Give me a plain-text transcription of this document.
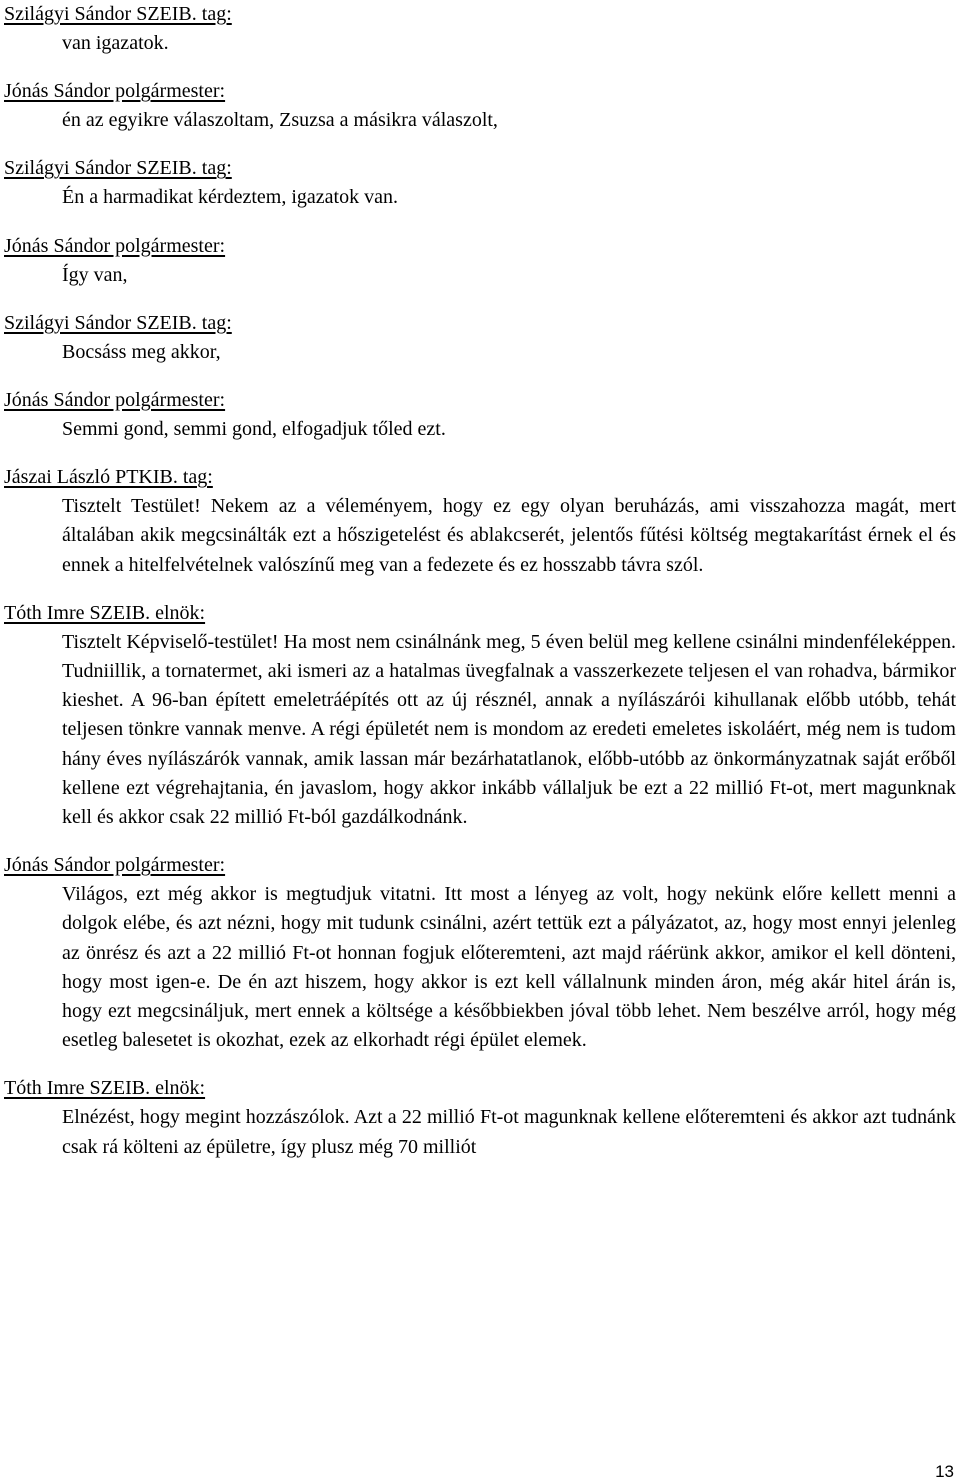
Szilágyi Sándor SZEIB. tag:
van igazatok.
Jónás Sándor polgármester:
én az egyikre válaszoltam, Zsuzsa a másikra válaszolt,
Szilágyi Sándor SZEIB. tag:
Én a harmadikat kérdeztem, igazatok van.
Jónás Sándor polgármester:
Így van,
Szilágyi Sándor SZEIB. tag:
Bocsáss meg akkor,
Jónás Sándor polgármester:
Semmi gond, semmi gond, elfogadjuk tőled ezt.
Jászai László PTKIB. tag:
Tisztelt Testület! Nekem az a véleményem, hogy ez egy olyan beruházás, ami visszahozza magát, mert általában akik megcsinálták ezt a hőszigetelést és ablakcserét, jelentős fűtési költség megtakarítást érnek el és ennek a hitelfelvételnek valószínű meg van a fedezete és ez hosszabb távra szól.
Tóth Imre SZEIB. elnök:
Tisztelt Képviselő-testület! Ha most nem csinálnánk meg, 5 éven belül meg kellene csinálni mindenféleképpen. Tudniillik, a tornatermet, aki ismeri az a hatalmas üvegfalnak a vasszerkezete teljesen el van rohadva, bármikor kieshet. A 96-ban épített emeletráépítés ott az új résznél, annak a nyílászárói kihullanak előbb utóbb, tehát teljesen tönkre vannak menve. A régi épületét nem is mondom az eredeti emeletes iskoláért, még nem is tudom hány éves nyílászárók vannak, amik lassan már bezárhatatlanok, előbb-utóbb az önkormányzatnak saját erőből kellene ezt végrehajtania, én javaslom, hogy akkor inkább vállaljuk be ezt a 22 millió Ft-ot, mert magunknak kell és akkor csak 22 millió Ft-ból gazdálkodnánk.
Jónás Sándor polgármester:
Világos, ezt még akkor is megtudjuk vitatni. Itt most a lényeg az volt, hogy nekünk előre kellett menni a dolgok elébe, és azt nézni, hogy mit tudunk csinálni, azért tettük ezt a pályázatot, az, hogy most ennyi jelenleg az önrész és azt a 22 millió Ft-ot honnan fogjuk előteremteni, azt majd ráérünk akkor, amikor el kell dönteni, hogy most igen-e. De én azt hiszem, hogy akkor is ezt kell vállalnunk minden áron, még akár hitel árán is, hogy ezt megcsináljuk, mert ennek a költsége a későbbiekben jóval több lehet. Nem beszélve arról, hogy még esetleg balesetet is okozhat, ezek az elkorhadt régi épület elemek.
Tóth Imre SZEIB. elnök:
Elnézést, hogy megint hozzászólok. Azt a 22 millió Ft-ot magunknak kellene előteremteni és akkor azt tudnánk csak rá költeni az épületre, így plusz még 70 milliót
13
